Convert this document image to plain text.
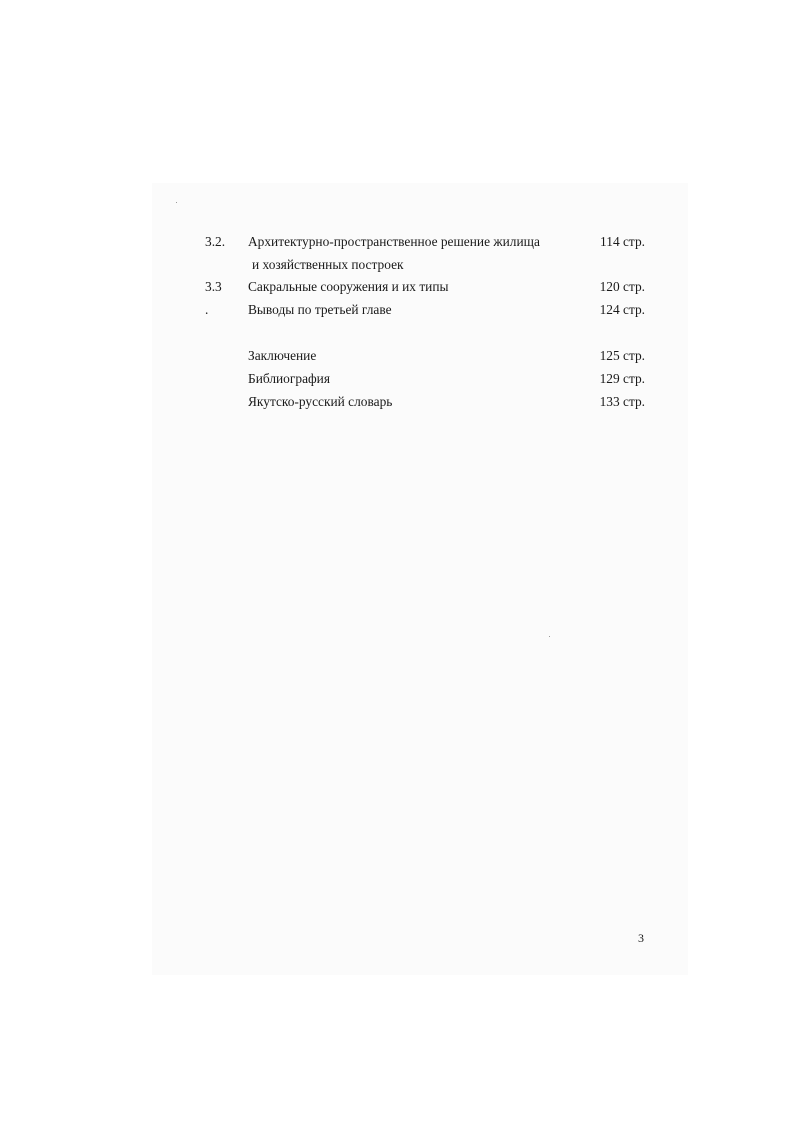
3.2. Архитектурно-пространственное решение жилища	114 стр.
и хозяйственных построек
3.3 Сакральные сооружения и их типы	120 стр.
.	Выводы по третьей главе	124 стр.
Заключение	125 стр.
Библиография	129 стр.
Якутско-русский словарь	133 стр.
3
